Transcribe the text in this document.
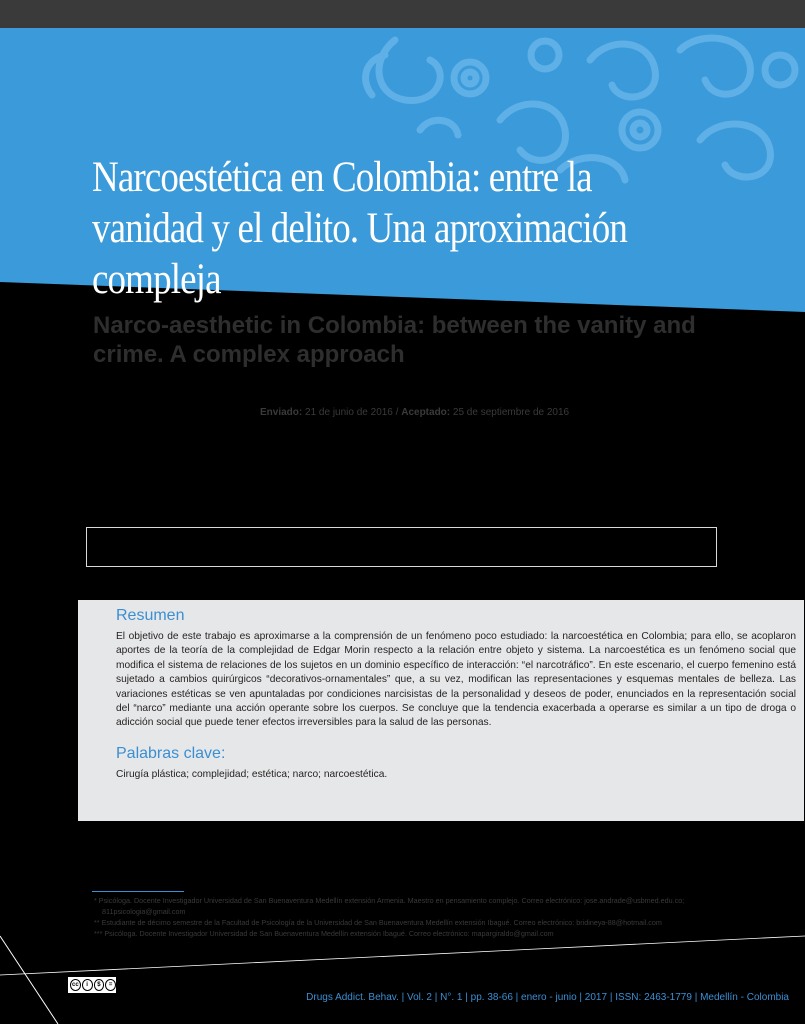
Narcoestética en Colombia: entre la vanidad y el delito. Una aproximación compleja
Narco-aesthetic in Colombia: between the vanity and crime. A complex approach
Enviado: 21 de junio de 2016 / Aceptado: 25 de septiembre de 2016
Resumen

El objetivo de este trabajo es aproximarse a la comprensión de un fenómeno poco estudiado: la narcoestética en Colombia; para ello, se acoplaron aportes de la teoría de la complejidad de Edgar Morin respecto a la relación entre objeto y sistema. La narcoestética es un fenómeno social que modifica el sistema de relaciones de los sujetos en un dominio específico de interacción: “el narcotráfico”. En este escenario, el cuerpo femenino está sujetado a cambios quirúrgicos “decorativos-ornamentales” que, a su vez, modifican las representaciones y esquemas mentales de belleza. Las variaciones estéticas se ven apuntaladas por condiciones narcisistas de la personalidad y deseos de poder, enunciados en la representación social del “narco” mediante una acción operante sobre los cuerpos. Se concluye que la tendencia exacerbada a operarse es similar a un tipo de droga o adicción social que puede tener efectos irreversibles para la salud de las personas.

Palabras clave:

Cirugía plástica; complejidad; estética; narco; narcoestética.

* Psicóloga. Docente Investigador Universidad de San Buenaventura Medellín extensión Armenia. Maestro en pensamiento complejo. Correo electrónico: jose.andrade@usbmed.edu.co;
811psicologia@gmail.com
** Estudiante de décimo semestre de la Facultad de Psicología de la Universidad de San Buenaventura Medellín extensión Ibagué. Correo electrónico: bridineya-88@hotmail.com
*** Psicóloga. Docente Investigador Universidad de San Buenaventura Medellín extensión Ibagué. Correo electrónico: mapargiraldo@gmail.com
cc	i	$	=
Drugs Addict. Behav. | Vol. 2 | N°. 1 | pp. 38-66 | enero - junio | 2017 | ISSN: 2463-1779 | Medellín - Colombia
